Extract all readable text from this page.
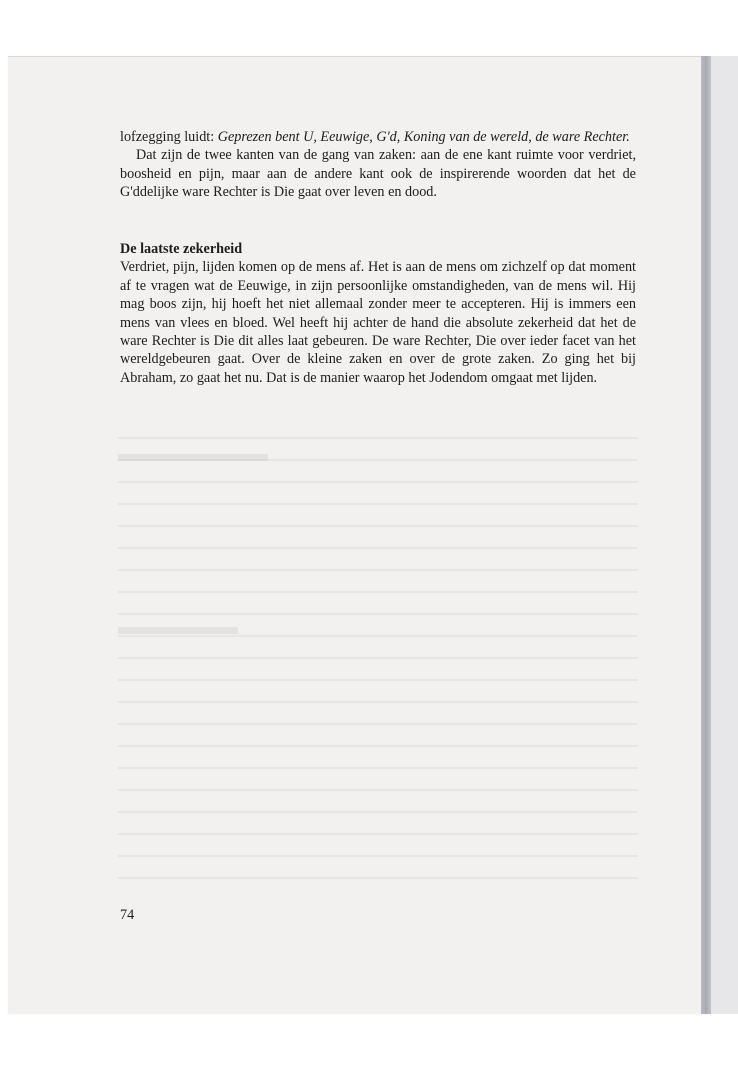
lofzegging luidt: Geprezen bent U, Eeuwige, G'd, Koning van de wereld, de ware Rechter.

Dat zijn de twee kanten van de gang van zaken: aan de ene kant ruimte voor verdriet, boosheid en pijn, maar aan de andere kant ook de inspirerende woorden dat het de G'ddelijke ware Rechter is Die gaat over leven en dood.

De laatste zekerheid

Verdriet, pijn, lijden komen op de mens af. Het is aan de mens om zichzelf op dat moment af te vragen wat de Eeuwige, in zijn persoonlijke omstandigheden, van de mens wil. Hij mag boos zijn, hij hoeft het niet allemaal zonder meer te accepteren. Hij is immers een mens van vlees en bloed. Wel heeft hij achter de hand die absolute zekerheid dat het de ware Rechter is Die dit alles laat gebeuren. De ware Rechter, Die over ieder facet van het wereldgebeuren gaat. Over de kleine zaken en over de grote zaken. Zo ging het bij Abraham, zo gaat het nu. Dat is de manier waarop het Jodendom omgaat met lijden.

74
